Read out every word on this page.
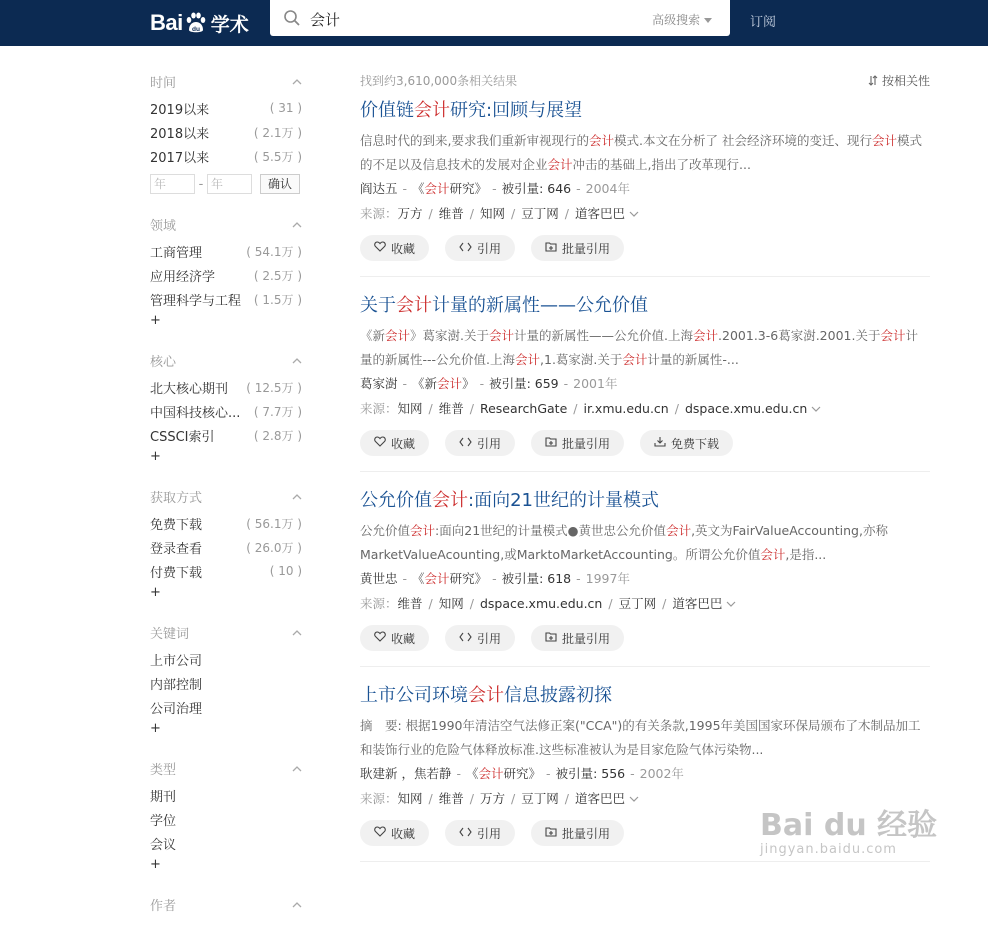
Bai du 学术	会计	高级搜索	订阅
时间
2019以来	( 31 )
2018以来	( 2.1万 )
2017以来	( 5.5万 )
年	- 年	确认
领域
工商管理	( 54.1万 )
应用经济学	( 2.5万 )
管理科学与工程 ( 1.5万 )
+
核心
北大核心期刊 ( 12.5万 )
中国科技核心... ( 7.7万 )
CSSCI索引	( 2.8万 )
+
获取方式
免费下载	( 56.1万 )
登录查看	( 26.0万 )
付费下载	( 10 )
+
关键词
上市公司
内部控制
公司治理
+
类型
期刊
学位
会议
+
作者
找到约3,610,000条相关结果	按相关性
价值链会计研究:回顾与展望
信息时代的到来,要求我们重新审视现行的会计模式.本文在分析了 社会经济环境的变迁、现行会计模式的不足以及信息技术的发展对企业会计冲击的基础上,指出了改革现行...
阎达五 - 《会计研究》 - 被引量: 646 - 2004年
来源：万方 / 维普 / 知网 / 豆丁网 / 道客巴巴
收藏	引用	批量引用
关于会计计量的新属性——公允价值
《新会计》葛家澍.关于会计计量的新属性——公允价值.上海会计.2001.3-6葛家澍.2001.关于会计计量的新属性---公允价值.上海会计,1.葛家澍.关于会计计量的新属性-...
葛家澍 - 《新会计》 - 被引量: 659 - 2001年
来源：知网 / 维普 / ResearchGate / ir.xmu.edu.cn / dspace.xmu.edu.cn
收藏	引用	批量引用	免费下载
公允价值会计:面向21世纪的计量模式
公允价值会计:面向21世纪的计量模式●黄世忠公允价值会计,英文为FairValueAccounting,亦称MarketValueAcounting,或MarktoMarketAccounting。所谓公允价值会计,是指...
黄世忠 - 《会计研究》 - 被引量: 618 - 1997年
来源：维普 / 知网 / dspace.xmu.edu.cn / 豆丁网 / 道客巴巴
收藏	引用	批量引用
上市公司环境会计信息披露初探
摘　要: 根据1990年清洁空气法修正案("CCA")的有关条款,1995年美国国家环保局颁布了木制品加工和装饰行业的危险气体释放标准.这些标准被认为是目家危险气体污染物...
耿建新 ，焦若静 - 《会计研究》 - 被引量: 556 - 2002年
来源：知网 / 维普 / 万方 / 豆丁网 / 道客巴巴
收藏	引用	批量引用	Bai du 经验
jingyan.baidu.com
